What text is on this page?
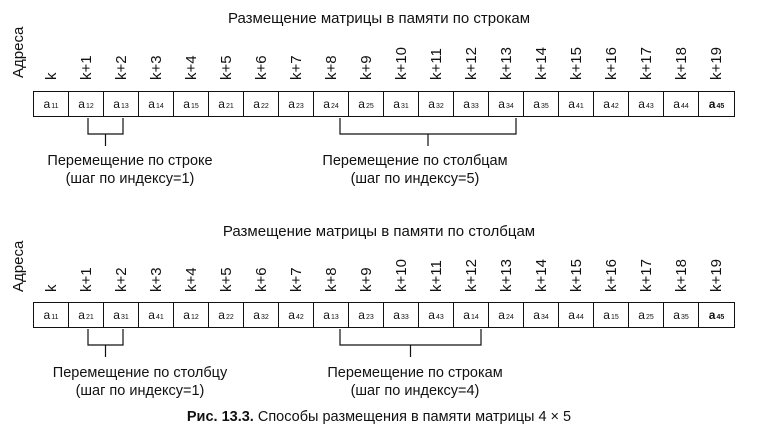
Размещение матрицы в памяти по строкам
Адреса k k+1 k+2 k+3 k+4 k+5 k+6 k+7 k+8 k+9 k+10 k+11 k+12 k+13 k+14 k+15 k+16 k+17 k+18 k+19
$a_{11}$ $a_{12}$ $a_{13}$ $a_{14}$ $a_{15}$ $a_{21}$ $a_{22}$ $a_{23}$ $a_{24}$ $a_{25}$ $a_{31}$ $a_{32}$ $a_{33}$ $a_{34}$ $a_{35}$ $a_{41}$ $a_{42}$ $a_{43}$ $a_{44}$ $a_{45}$
Перемещение по строке
(шаг по индексу=1)
Перемещение по столбцам
(шаг по индексу=5)
Размещение матрицы в памяти по столбцам
Адреса k k+1 k+2 k+3 k+4 k+5 k+6 k+7 k+8 k+9 k+10 k+11 k+12 k+13 k+14 k+15 k+16 k+17 k+18 k+19
$a_{11}$ $a_{21}$ $a_{31}$ $a_{41}$ $a_{12}$ $a_{22}$ $a_{32}$ $a_{42}$ $a_{13}$ $a_{23}$ $a_{33}$ $a_{43}$ $a_{14}$ $a_{24}$ $a_{34}$ $a_{44}$ $a_{15}$ $a_{25}$ $a_{35}$ $a_{45}$
Перемещение по столбцу
(шаг по индексу=1)
Перемещение по строкам
(шаг по индексу=4)
Рис. 13.3. Способы размещения в памяти матрицы 4 × 5
